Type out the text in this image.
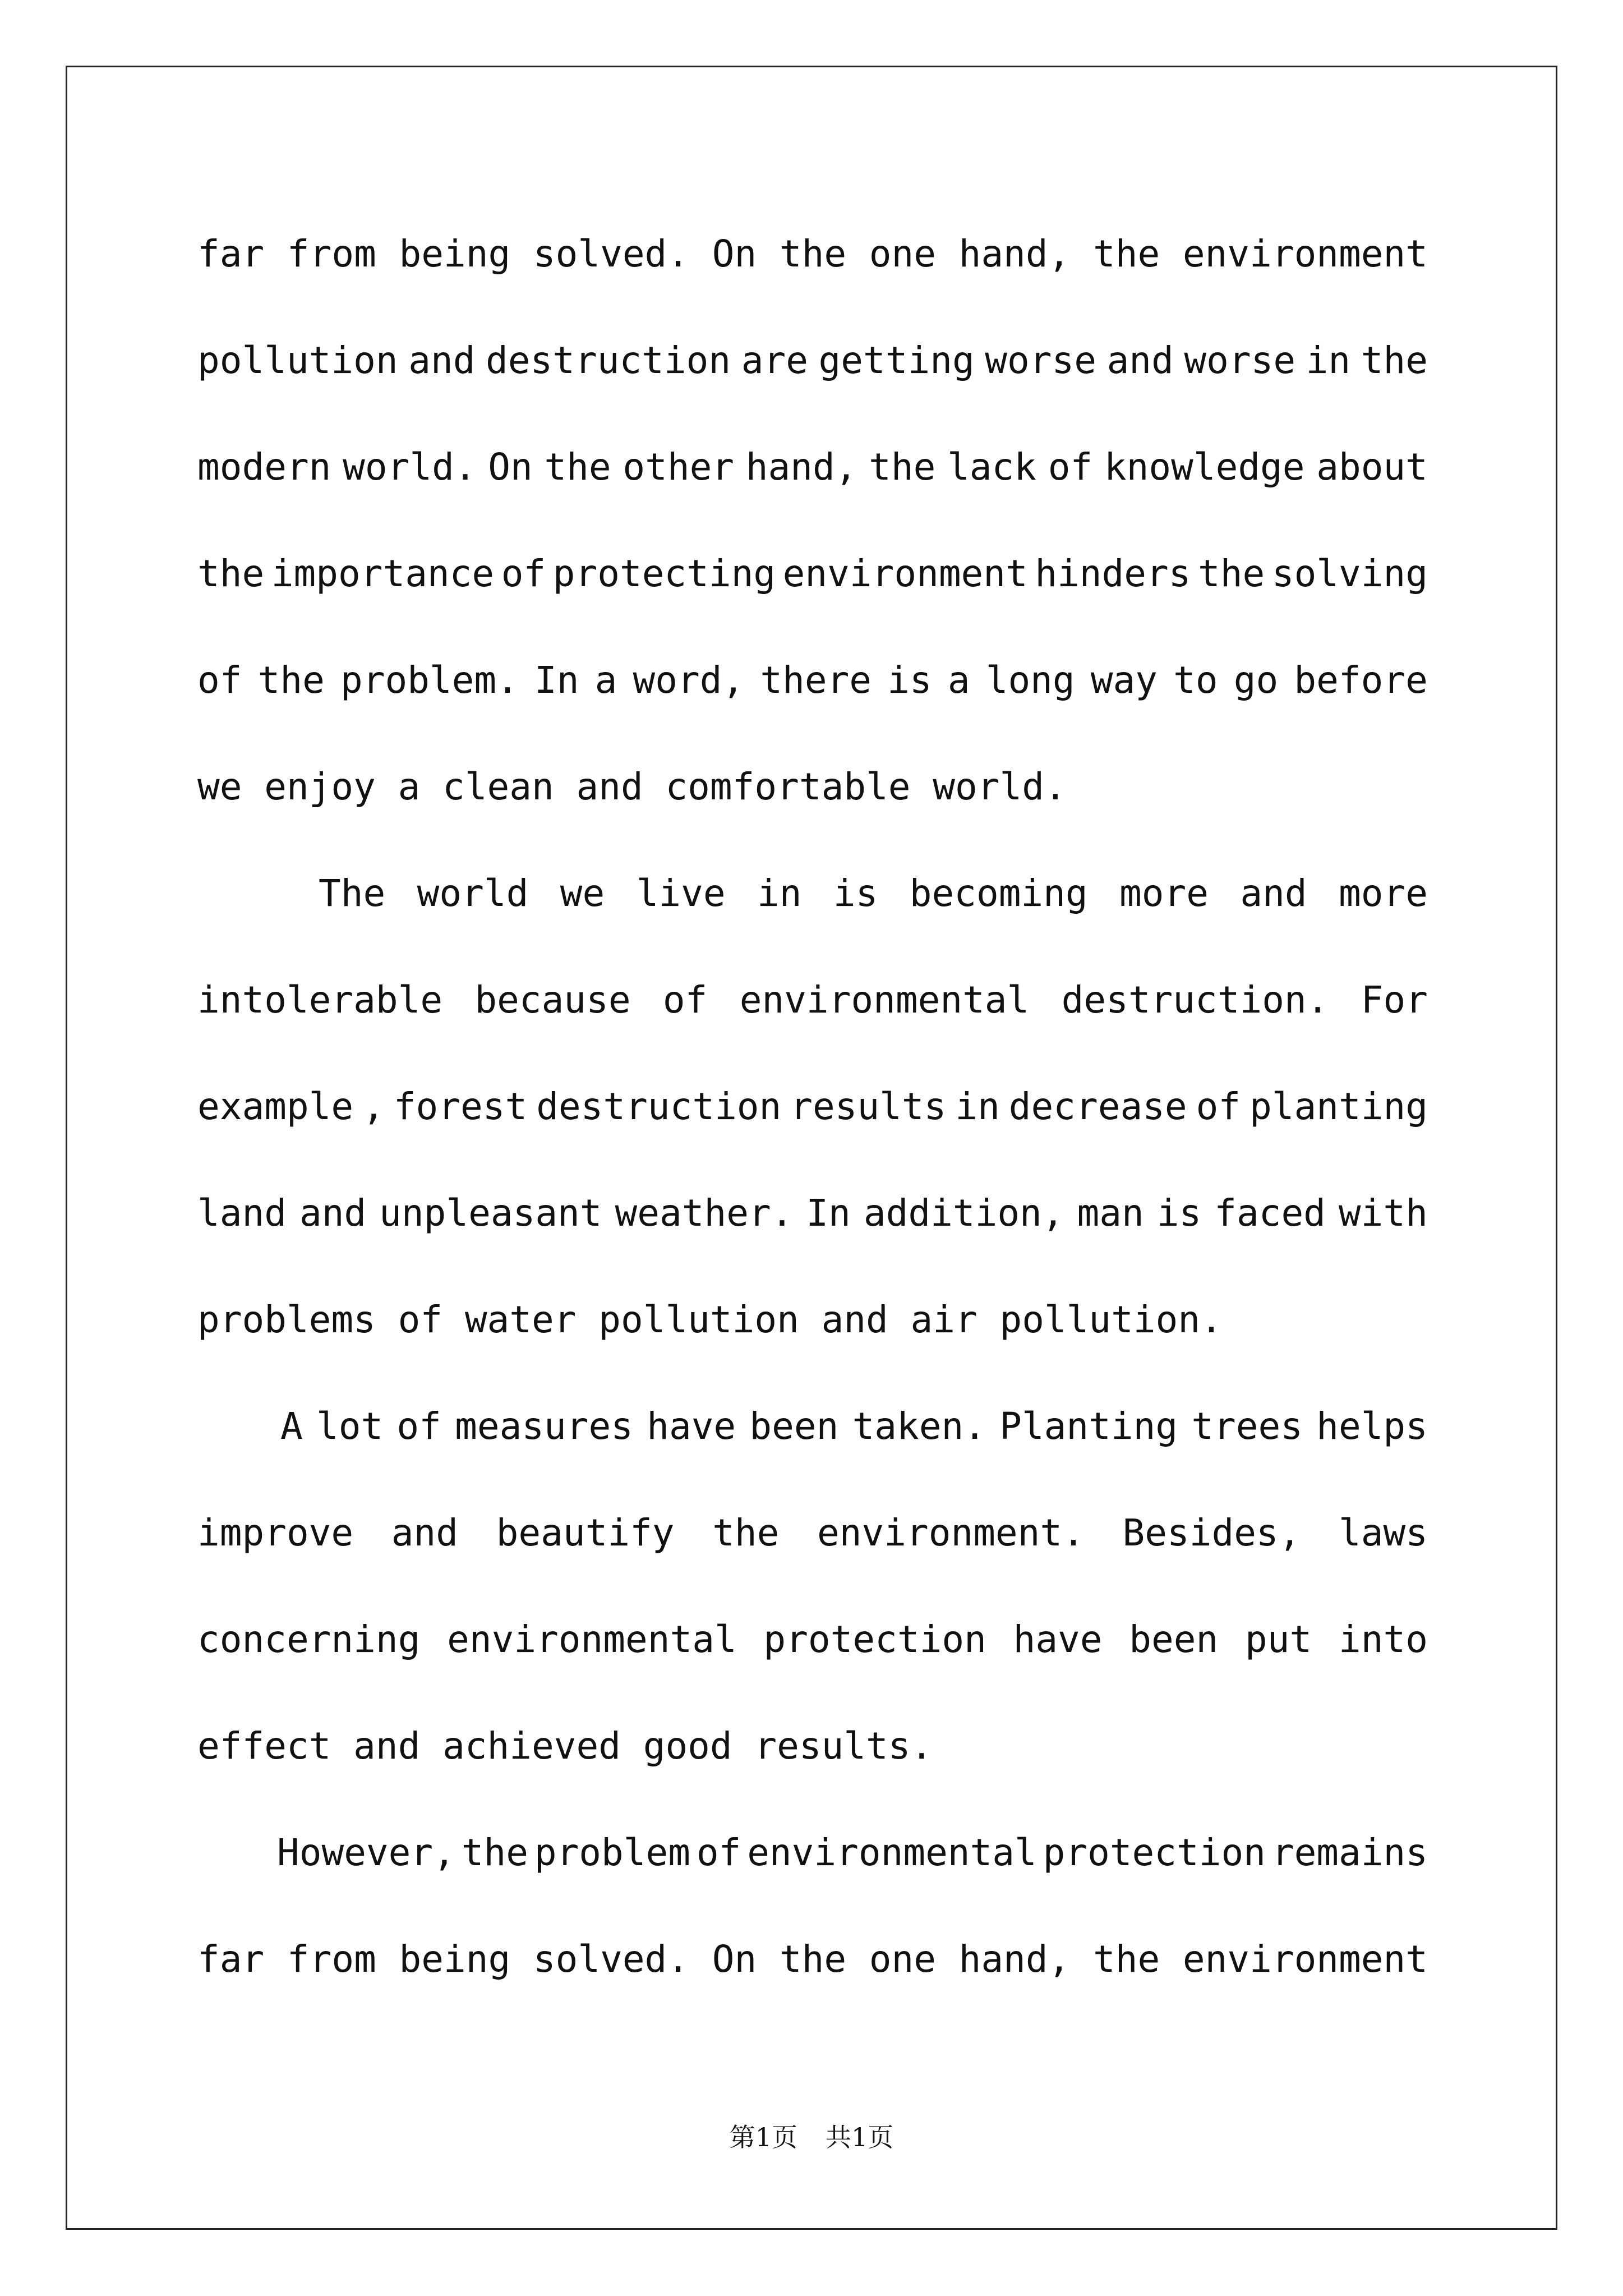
far from being solved. On the one hand, the environment
pollution and destruction are getting worse and worse in the
modern world. On the other hand, the lack of knowledge about
the importance of protecting environment hinders the solving
of the problem. In a word, there is a long way to go before
we enjoy a clean and comfortable world.
The world we live in is becoming more and more
intolerable because of environmental destruction. For
example , forest destruction results in decrease of planting
land and unpleasant weather. In addition, man is faced with
problems of water pollution and air pollution.
A lot of measures have been taken. Planting trees helps
improve and beautify the environment. Besides, laws
concerning environmental protection have been put into
effect and achieved good results.
However, the problem of environmental protection remains
far from being solved. On the one hand, the environment
第1页 共1页
